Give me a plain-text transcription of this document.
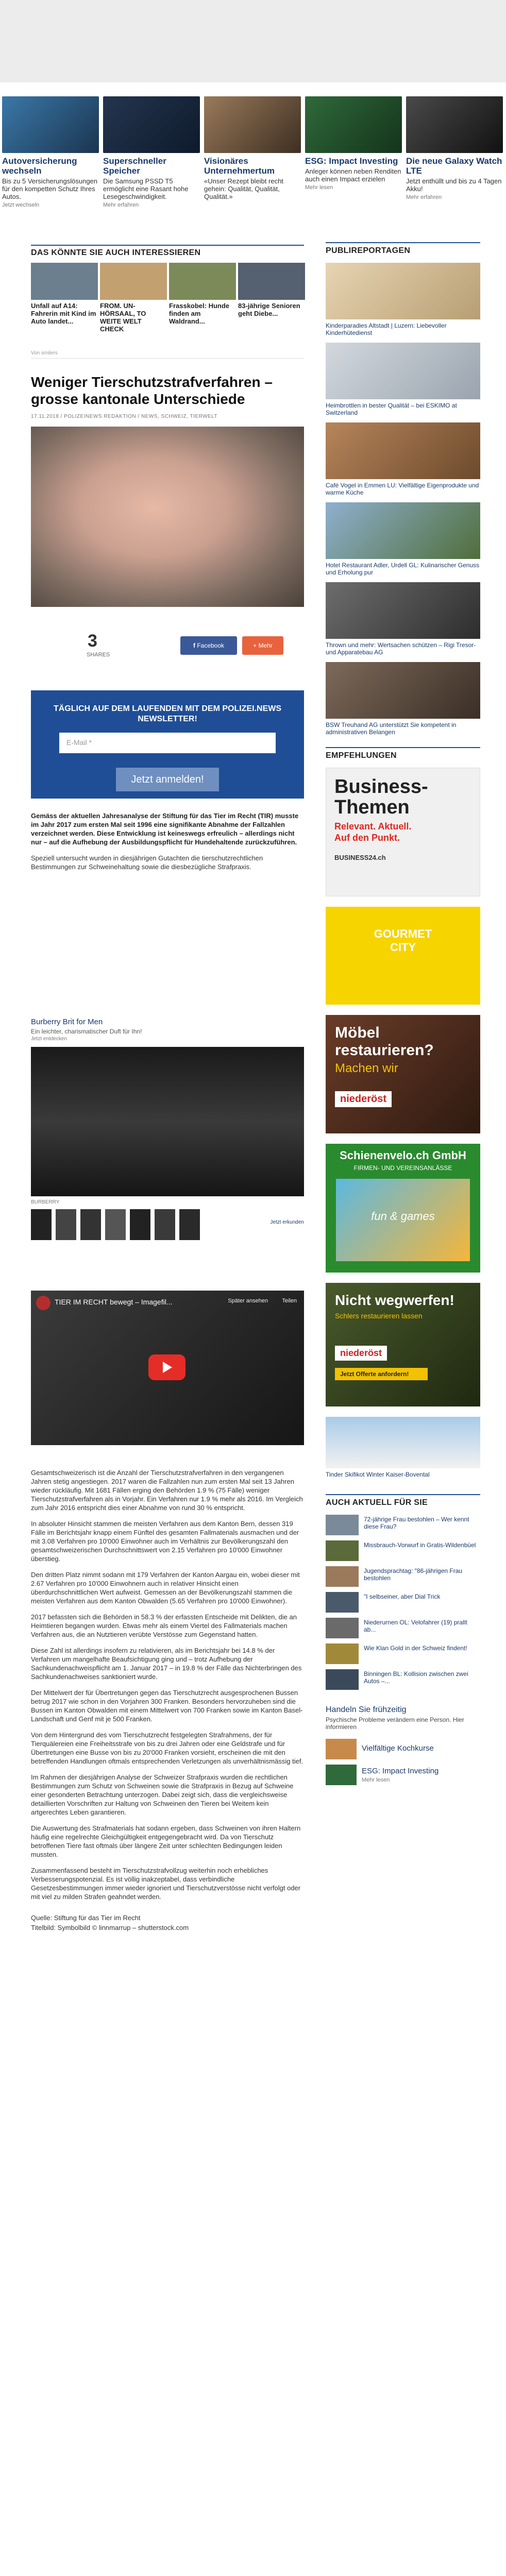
Autoversicherung wechseln
Bis zu 5 Versicherungslösungen für den kompetten Schutz Ihres Autos.
Jetzt wechseln
Superschneller Speicher
Die Samsung PSSD T5 ermöglicht eine Rasant hohe Lesegeschwindigkeit.
Mehr erfahren
Visionäres Unternehmertum
«Unser Rezept bleibt recht gehein: Qualität, Qualität, Qualität.»
ESG: Impact Investing
Anleger können neben Renditen auch einen Impact erzielen
Mehr lesen
Die neue Galaxy Watch LTE
Jetzt enthüllt und bis zu 4 Tagen Akku!
Mehr erfahren
DAS KÖNNTE SIE AUCH INTERESSIEREN
Unfall auf A14: Fahrerin mit Kind im Auto landet...
FROM. UN-HÖRSAAL, TO WEITE WELT CHECK
Frasskobel: Hunde finden am Waldrand...
83-jährige Senioren geht Diebe...
Von smilers
Weniger Tierschutzstrafverfahren – grosse kantonale Unterschiede
17.11.2018 / POLIZEINEWS REDAKTION / NEWS, SCHWEIZ, TIERWELT
3
SHARES
f Facebook	+ Mehr
TÄGLICH AUF DEM LAUFENDEN MIT DEM POLIZEI.NEWS NEWSLETTER!
E-Mail *
Jetzt anmelden!

Gemäss der aktuellen Jahresanalyse der Stiftung für das Tier im Recht (TIR) musste im Jahr 2017 zum ersten Mal seit 1996 eine signifikante Abnahme der Fallzahlen verzeichnet werden. Diese Entwicklung ist keineswegs erfreulich – allerdings nicht nur – auf die Aufhebung der Ausbildungspflicht für Hundehaltende zurückzuführen.

Speziell untersucht wurden in diesjährigen Gutachten die tierschutzrechtlichen Bestimmungen zur Schweinehaltung sowie die diesbezügliche Strafpraxis.

Burberry Brit for Men
Ein leichter, charismatischer Duft für Ihn!
Jetzt entdecken
BURBERRY
Jetzt erkunden
TIER IM RECHT bewegt – Imagefil...	Später ansehen Teilen

Gesamtschweizerisch ist die Anzahl der Tierschutzstrafverfahren in den vergangenen Jahren stetig angestiegen. 2017 waren die Fallzahlen nun zum ersten Mal seit 13 Jahren wieder rückläufig. Mit 1681 Fällen erging den Behörden 1.9 % (75 Fälle) weniger Tierschutzstrafverfahren als in Vorjahr. Ein Verfahren nur 1.9 % mehr als 2016. Im Vergleich zum Jahr 2016 entspricht dies einer Abnahme von rund 30 % entspricht.

In absoluter Hinsicht stammen die meisten Verfahren aus dem Kanton Bern, dessen 319 Fälle im Berichtsjahr knapp einem Fünftel des gesamten Fallmaterials ausmachen und der mit 3.08 Verfahren pro 10'000 Einwohner auch im Verhältnis zur Bevölkerungszahl den gesamtschweizerischen Durchschnittswert von 2.15 Verfahren pro 10'000 Einwohner überstieg.

Den dritten Platz nimmt sodann mit 179 Verfahren der Kanton Aargau ein, wobei dieser mit 2.67 Verfahren pro 10'000 Einwohnern auch in relativer Hinsicht einen überdurchschnittlichen Wert aufweist. Gemessen an der Bevölkerungszahl stammen die meisten Verfahren aus dem Kanton Obwalden (5.65 Verfahren pro 10'000 Einwohner).

2017 befassten sich die Behörden in 58.3 % der erfassten Entscheide mit Delikten, die an Heimtieren begangen wurden. Etwas mehr als einem Viertel des Fallmaterials machen Verfahren aus, die an Nutztieren verübte Verstösse zum Gegenstand hatten.

Diese Zahl ist allerdings insofern zu relativieren, als im Berichtsjahr bei 14.8 % der Verfahren um mangelhafte Beaufsichtigung ging und – trotz Aufhebung der Sachkundenachweispflicht am 1. Januar 2017 – in 19.8 % der Fälle das Nichterbringen des Sachkundenachweises sanktioniert wurde.

Der Mittelwert der für Übertretungen gegen das Tierschutzrecht ausgesprochenen Bussen betrug 2017 wie schon in den Vorjahren 300 Franken. Besonders hervorzuheben sind die Bussen im Kanton Obwalden mit einem Mittelwert von 700 Franken sowie im Kanton Basel-Landschaft und Genf mit je 500 Franken.

Von dem Hintergrund des vom Tierschutzrecht festgelegten Strafrahmens, der für Tierquälereien eine Freiheitsstrafe von bis zu drei Jahren oder eine Geldstrafe und für Übertretungen eine Busse von bis zu 20'000 Franken vorsieht, erscheinen die mit den betreffenden Handlungen oftmals entsprechenden Verletzungen als unverhältnismässig tief.

Im Rahmen der diesjährigen Analyse der Schweizer Strafpraxis wurden die rechtlichen Bestimmungen zum Schutz von Schweinen sowie die Strafpraxis in Bezug auf Schweine einer gesonderten Betrachtung unterzogen. Dabei zeigt sich, dass die vergleichsweise detaillierten Vorschriften zur Haltung von Schweinen den Tieren bei Weitem kein artgerechtes Leben garantieren.

Die Auswertung des Strafmaterials hat sodann ergeben, dass Schweinen von ihren Haltern häufig eine regelrechte Gleichgültigkeit entgegengebracht wird. Da von Tierschutz betroffenen Tiere fast oftmals über längere Zeit unter schlechten Bedingungen leiden mussten.

Zusammenfassend besteht im Tierschutzstrafvollzug weiterhin noch erhebliches Verbesserungspotenzial. Es ist völlig inakzeptabel, dass verbindliche Gesetzesbestimmungen immer wieder ignoriert und Tierschutzverstösse nicht verfolgt oder mit viel zu milden Strafen geahndet werden.

Quelle: Stiftung für das Tier im Recht

Titelbild: Symbolbild © linnmarrup – shutterstock.com

PUBLIREPORTAGEN
Kinderparadies Altstadt | Luzern: Liebevoller Kinderhütedienst
Heimbrottlen in bester Qualität – bei ESKIMO at Switzerland
Café Vogel in Emmen LU: Vielfältige Eigenprodukte und warme Küche
Hotel Restaurant Adler, Urdell GL: Kulinarischer Genuss und Erholung pur
Thrown und mehr: Wertsachen schützen – Rigi Tresor- und Apparatebau AG
BSW Treuhand AG unterstützt Sie kompetent in administrativen Belangen
EMPFEHLUNGEN
Business-
Themen
Relevant. Aktuell. Auf den Punkt.
BUSINESS24.ch
GOURMET
CITY
Möbel
restaurieren?
Machen wir
niederöst
Schienenvelo.ch GmbH
FIRMEN- UND VEREINSANLÄSSE
fun & games
Nicht wegwerfen!
Schlers restaurieren lassen
niederöst
Jetzt Offerte anfordern!
Tinder Skifikot Winter Kaiser-Bovental
AUCH AKTUELL FÜR SIE
72-jährige Frau bestohlen – Wer kennt diese Frau?
Missbrauch-Vorwurf in Gratis-Wildenbüel
Jugendsprachtag: "86-jährigen Frau bestohlen
"I selbseiner, aber Dial Trick
Niederurnen OL: Velofahrer (19) prallt ab...
Wie Klan Gold in der Schweiz findent!
Binningen BL: Kollision zwischen zwei Autos –...
Handeln Sie frühzeitig
Psychische Probleme verändern eine Person. Hier informieren
Vielfältige Kochkurse
ESG: Impact Investing
Mehr lesen
